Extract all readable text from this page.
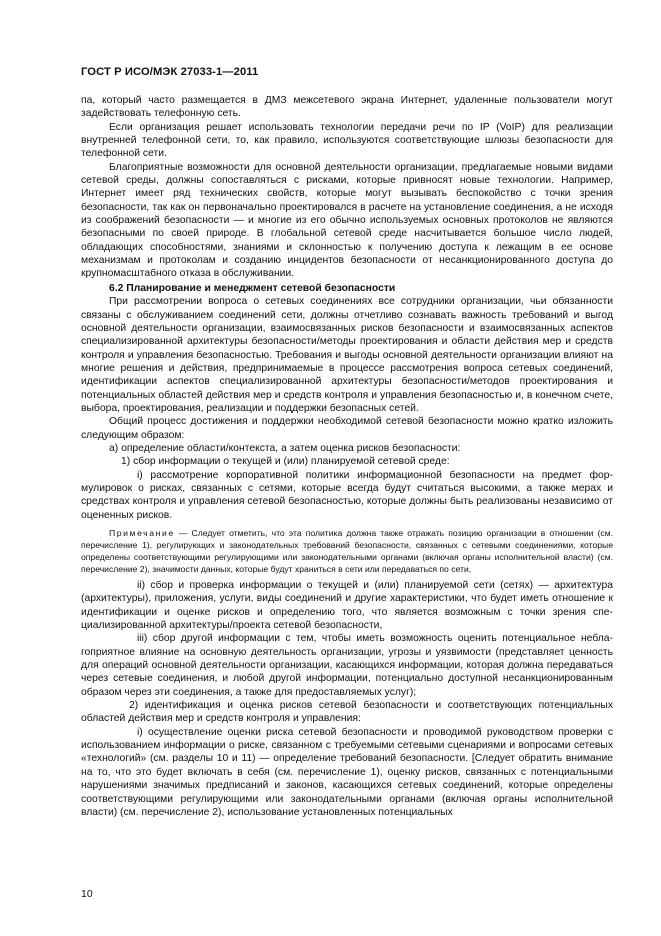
ГОСТ Р ИСО/МЭК 27033-1—2011

па, который часто размещается в ДМЗ межсетевого экрана Интернет, удаленные пользователи могут задействовать телефонную сеть.

Если организация решает использовать технологии передачи речи по IP (VoIP) для реализации внутренней телефонной сети, то, как правило, используются соответствующие шлюзы безопасности для телефонной сети.

Благоприятные возможности для основной деятельности организации, предлагаемые новыми видами сетевой среды, должны сопоставляться с рисками, которые привносят новые технологии. Например, Интернет имеет ряд технических свойств, которые могут вызывать беспокойство с точки зрения безопасности, так как он первоначально проектировался в расчете на установление соединения, а не исходя из соображений безопасности — и многие из его обычно используемых основных протоколов не являются безопасными по своей природе. В глобальной сетевой среде насчитывается большое число людей, обладающих способностями, знаниями и склонностью к получению доступа к лежащим в ее основе механизмам и протоколам и созданию инцидентов безопасности от несанкционированного доступа до крупномасштабного отказа в обслуживании.

6.2 Планирование и менеджмент сетевой безопасности

При рассмотрении вопроса о сетевых соединениях все сотрудники организации, чьи обязанности связаны с обслуживанием соединений сети, должны отчетливо сознавать важность требований и выгод основной деятельности организации, взаимосвязанных рисков безопасности и взаимосвязанных аспектов специализированной архитектуры безопасности/методы проектирования и области действия мер и средств контроля и управления безопасностью. Требования и выгоды основной деятельности организации влияют на многие решения и действия, предпринимаемые в процессе рассмотрения вопроса сетевых соединений, идентификации аспектов специализированной архитектуры безопасности/методов проектирования и потенциальных областей действия мер и средств контроля и управления безопасностью и, в конечном счете, выбора, проектирования, реализации и поддержки безопасных сетей.

Общий процесс достижения и поддержки необходимой сетевой безопасности можно кратко изложить следующим образом:

а) определение области/контекста, а затем оценка рисков безопасности:

1) сбор информации о текущей и (или) планируемой сетевой среде:

i) рассмотрение корпоративной политики информационной безопасности на предмет формулировок о рисках, связанных с сетями, которые всегда будут считаться высокими, а также мерах и средствах контроля и управления сетевой безопасностью, которые должны быть реализованы независимо от оцененных рисков.

Примечание — Следует отметить, что эта политика должна также отражать позицию организации в отношении (см. перечисление 1), регулирующих и законодательных требований безопасности, связанных с сетевыми соединениями, которые определены соответствующими регулирующими или законодательными органами (включая органы исполнительной власти) (см. перечисление 2), значимости данных, которые будут храниться в сети или передаваться по сети,

ii) сбор и проверка информации о текущей и (или) планируемой сети (сетях) — архитектура (архитектуры), приложения, услуги, виды соединений и другие характеристики, что будет иметь отношение к идентификации и оценке рисков и определению того, что является возможным с точки зрения специализированной архитектуры/проекта сетевой безопасности,

iii) сбор другой информации с тем, чтобы иметь возможность оценить потенциальное неблагоприятное влияние на основную деятельность организации, угрозы и уязвимости (представляет ценность для операций основной деятельности организации, касающихся информации, которая должна передаваться через сетевые соединения, и любой другой информации, потенциально доступной несанкционированным образом через эти соединения, а также для предоставляемых услуг);

2) идентификация и оценка рисков сетевой безопасности и соответствующих потенциальных областей действия мер и средств контроля и управления:

i) осуществление оценки риска сетевой безопасности и проводимой руководством проверки с использованием информации о риске, связанном с требуемыми сетевыми сценариями и вопросами сетевых «технологий» (см. разделы 10 и 11) — определение требований безопасности. [Следует обратить внимание на то, что это будет включать в себя (см. перечисление 1), оценку рисков, связанных с потенциальными нарушениями значимых предписаний и законов, касающихся сетевых соединений, которые определены соответствующими регулирующими или законодательными органами (включая органы исполнительной власти) (см. перечисление 2), использование установленных потенциальных

10
